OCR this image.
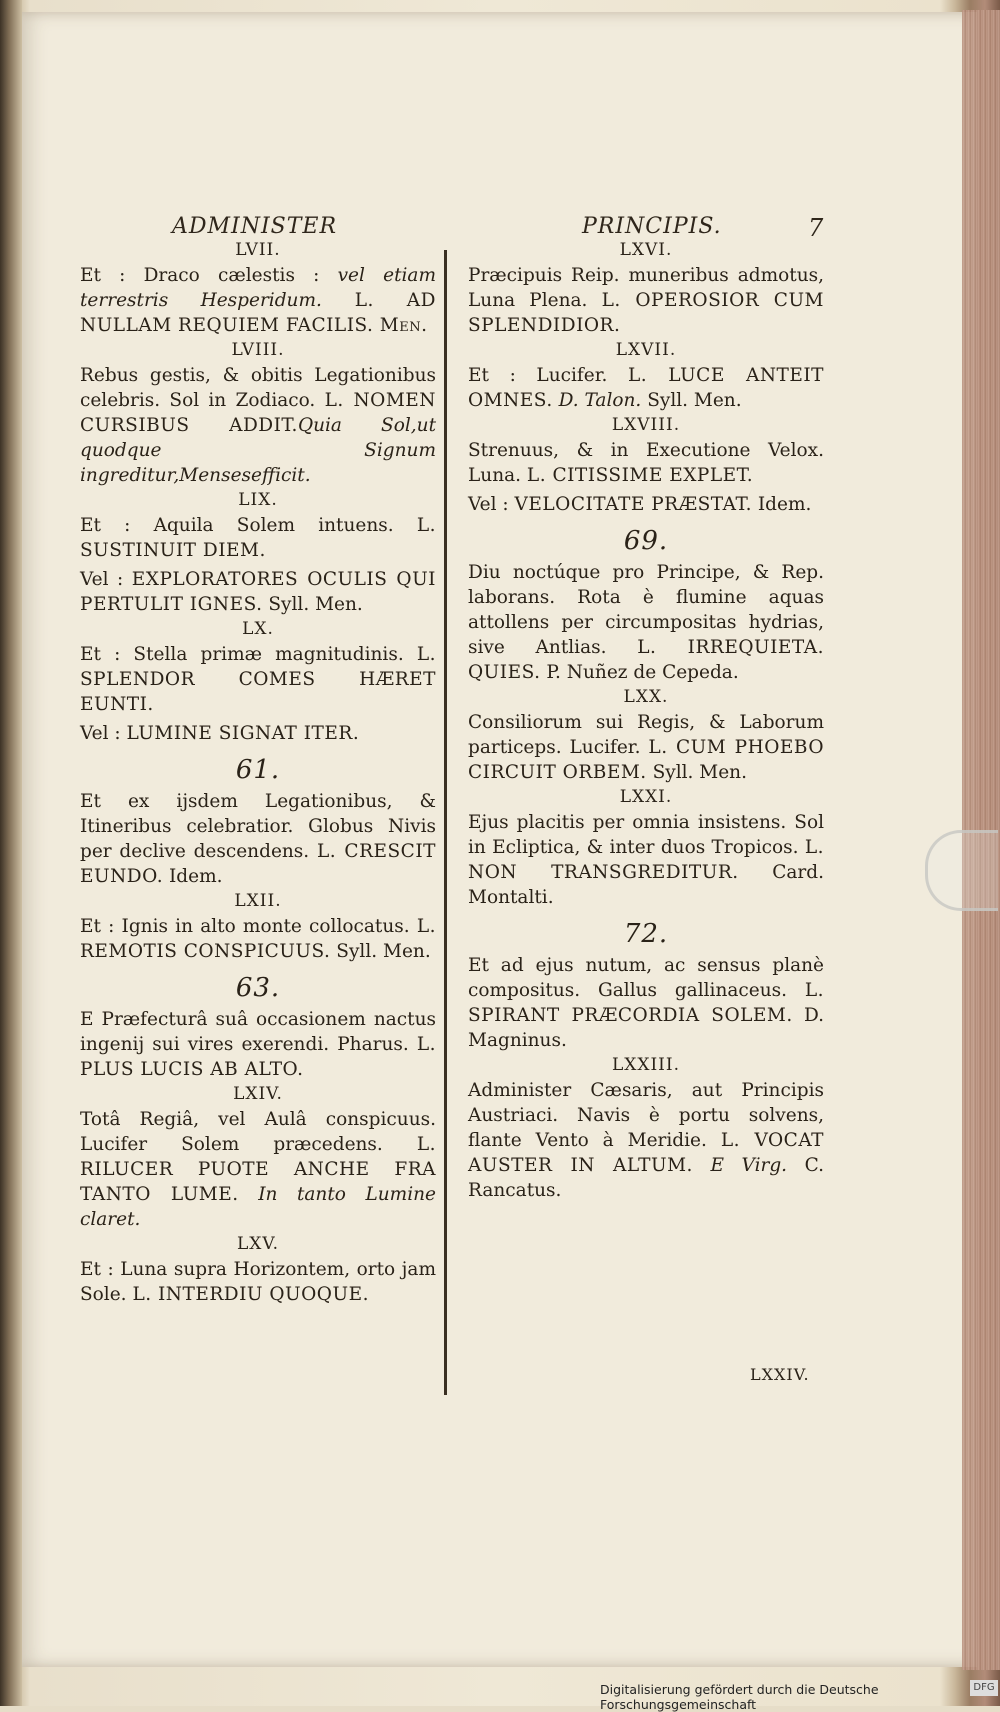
ADMINISTER	PRINCIPIS.	7

LVII.

Et : Draco cælestis : vel etiam terrestris Hesperidum. L. AD NULLAM REQUIEM FACILIS. Men.

LVIII.

Rebus gestis, & obitis Legationibus celebris. Sol in Zodiaco. L. NOMEN CURSIBUS ADDIT.Quia Sol,ut quodque Signum ingreditur,Mensesefficit.

LIX.

Et : Aquila Solem intuens. L. SUSTINUIT DIEM.

Vel : EXPLORATORES OCULIS QUI PERTULIT IGNES. Syll. Men.

LX.

Et : Stella primæ magnitudinis. L. SPLENDOR COMES HÆRET EUNTI.

Vel : LUMINE SIGNAT ITER.

61.

Et ex ijsdem Legationibus, & Itineribus celebratior. Globus Nivis per declive descendens. L. CRESCIT EUNDO. Idem.

LXII.

Et : Ignis in alto monte collocatus. L. REMOTIS CONSPICUUS. Syll. Men.

63.

E Præfecturâ suâ occasionem nactus ingenij sui vires exerendi. Pharus. L. PLUS LUCIS AB ALTO.

LXIV.

Totâ Regiâ, vel Aulâ conspicuus. Lucifer Solem præcedens. L. RILUCER PUOTE ANCHE FRA TANTO LUME. In tanto Lumine claret.

LXV.

Et : Luna supra Horizontem, orto jam Sole. L. INTERDIU QUOQUE.

LXVI.

Præcipuis Reip. muneribus admotus, Luna Plena. L. OPEROSIOR CUM SPLENDIDIOR.

LXVII.

Et : Lucifer. L. LUCE ANTEIT OMNES. D. Talon. Syll. Men.

LXVIII.

Strenuus, & in Executione Velox. Luna. L. CITISSIME EXPLET.

Vel : VELOCITATE PRÆSTAT. Idem.

69.

Diu noctúque pro Principe, & Rep. laborans. Rota è flumine aquas attollens per circumpositas hydrias, sive Antlias. L. IRREQUIETA. QUIES. P. Nuñez de Cepeda.

LXX.

Consiliorum sui Regis, & Laborum particeps. Lucifer. L. CUM PHOEBO CIRCUIT ORBEM. Syll. Men.

LXXI.

Ejus placitis per omnia insistens. Sol in Ecliptica, & inter duos Tropicos. L. NON TRANSGREDITUR. Card. Montalti.

72.

Et ad ejus nutum, ac sensus planè compositus. Gallus gallinaceus. L. SPIRANT PRÆCORDIA SOLEM. D. Magninus.

LXXIII.

Administer Cæsaris, aut Principis Austriaci. Navis è portu solvens, flante Vento à Meridie. L. VOCAT AUSTER IN ALTUM. E Virg. C. Rancatus.

LXXIV.
Digitalisierung gefördert durch die Deutsche Forschungsgemeinschaft
DFG
